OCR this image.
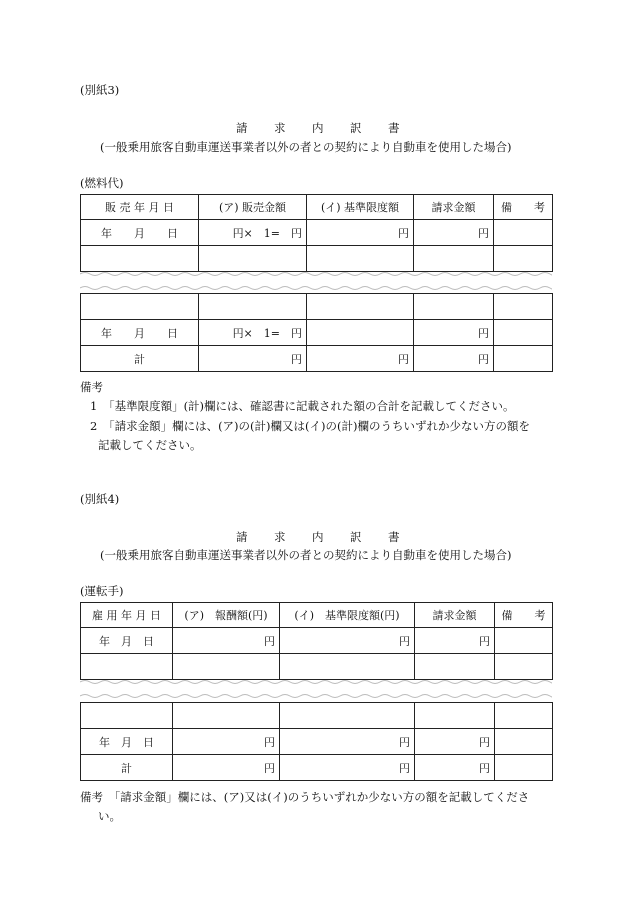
(別紙3)
請 求 内 訳 書
(一般乗用旅客自動車運送事業者以外の者との契約により自動車を使用した場合)
(燃料代)
販 売 年 月 日	(ア) 販売金額	(イ) 基準限度額	請求金額	備　　考
年　　月　　日	円×　1=　円	円	円	

年　　月　　日	円×　1=　円		円	
計	円	円	円	
備考
1　「基準限度額」(計)欄には、確認書に記載された額の合計を記載してください。
2　「請求金額」欄には、(ア)の(計)欄又は(イ)の(計)欄のうちいずれか少ない方の額を
記載してください。
(別紙4)
請 求 内 訳 書
(一般乗用旅客自動車運送事業者以外の者との契約により自動車を使用した場合)
(運転手)
雇 用 年 月 日	(ア)　報酬額(円)	(イ)　基準限度額(円)	請求金額	備　　考
年　月　日	円	円	円	

年　月　日	円	円	円	
計	円	円	円	
備考　「請求金額」欄には、(ア)又は(イ)のうちいずれか少ない方の額を記載してくださ
い。
